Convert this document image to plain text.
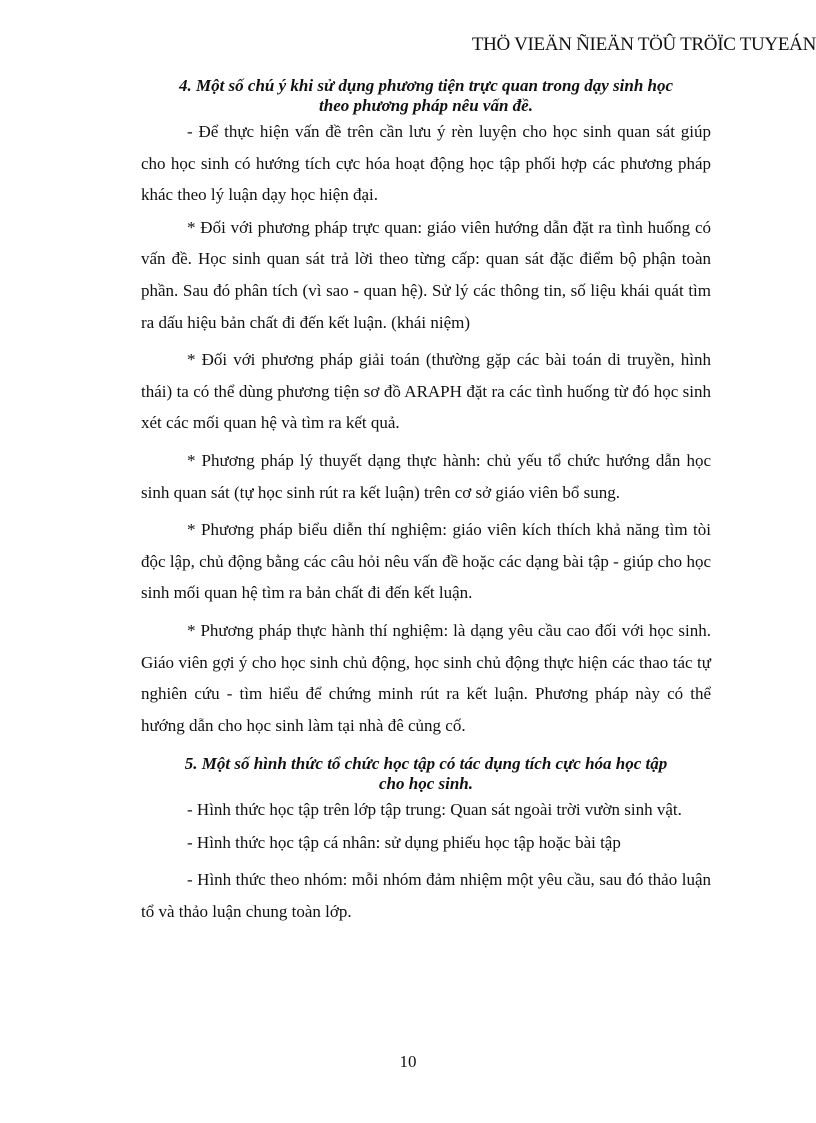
THÖ VIEÄN ÑIEÄN TÖÛ TRÖÏC TUYEÁN
4. Một số chú ý khi sử dụng phương tiện trực quan trong dạy sinh học
theo phương pháp nêu vấn đề.

- Để thực hiện vấn đề trên cần lưu ý rèn luyện cho học sinh quan sát giúp cho học sinh có hướng tích cực hóa hoạt động học tập phối hợp các phương pháp khác theo lý luận dạy học hiện đại.

* Đối với phương pháp trực quan: giáo viên hướng dẫn đặt ra tình huống có vấn đề. Học sinh quan sát trả lời theo từng cấp: quan sát đặc điểm bộ phận toàn phần. Sau đó phân tích (vì sao - quan hệ). Sử lý các thông tin, số liệu khái quát tìm ra dấu hiệu bản chất đi đến kết luận. (khái niệm)

* Đối với phương pháp giải toán (thường gặp các bài toán di truyền, hình thái) ta có thể dùng phương tiện sơ đồ ARAPH đặt ra các tình huống từ đó học sinh xét các mối quan hệ và tìm ra kết quả.

* Phương pháp lý thuyết dạng thực hành: chủ yếu tổ chức hướng dẫn học sinh quan sát (tự học sinh rút ra kết luận) trên cơ sở giáo viên bổ sung.

* Phương pháp biểu diễn thí nghiệm: giáo viên kích thích khả năng tìm tòi độc lập, chủ động bằng các câu hỏi nêu vấn đề hoặc các dạng bài tập - giúp cho học sinh mối quan hệ tìm ra bản chất đi đến kết luận.

* Phương pháp thực hành thí nghiệm: là dạng yêu cầu cao đối với học sinh. Giáo viên gợi ý cho học sinh chủ động, học sinh chủ động thực hiện các thao tác tự nghiên cứu - tìm hiểu để chứng minh rút ra kết luận. Phương pháp này có thể hướng dẫn cho học sinh làm tại nhà đê củng cố.

5. Một số hình thức tổ chức học tập có tác dụng tích cực hóa học tập
cho học sinh.

- Hình thức học tập trên lớp tập trung: Quan sát ngoài trời vườn sinh vật.

- Hình thức học tập cá nhân: sử dụng phiếu học tập hoặc bài tập

- Hình thức theo nhóm: mỗi nhóm đảm nhiệm một yêu cầu, sau đó thảo luận tổ và thảo luận chung toàn lớp.

10
